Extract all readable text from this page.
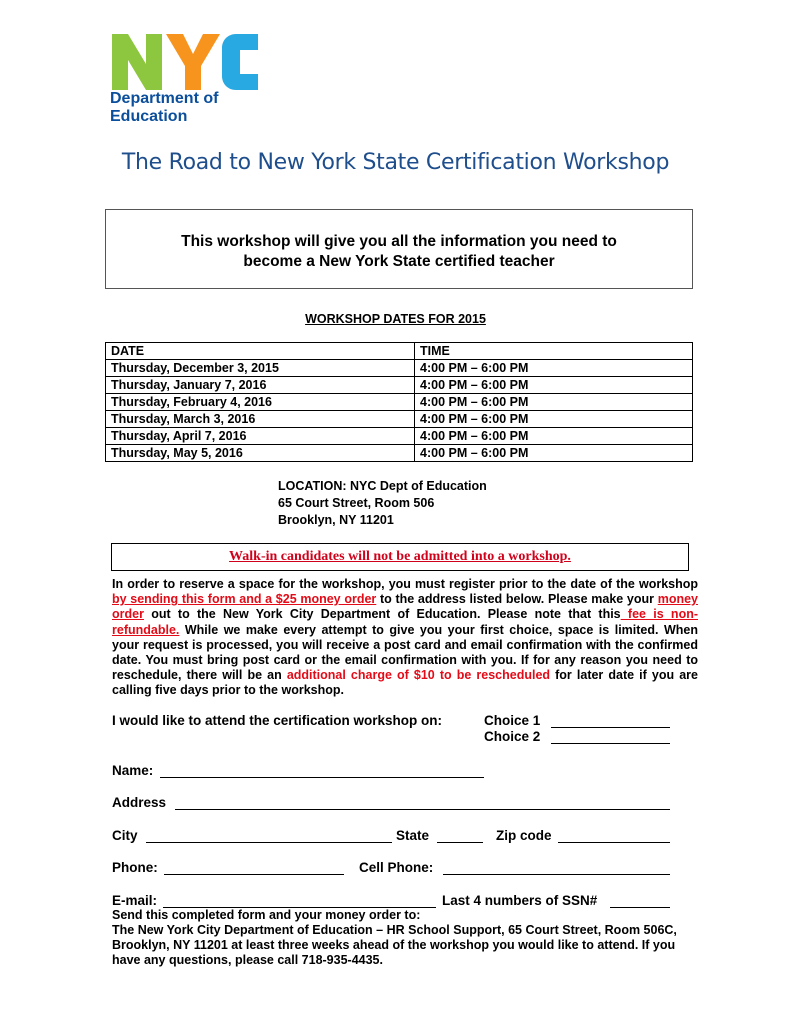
Department of
Education
The Road to New York State Certification Workshop
This workshop will give you all the information you need to
become a New York State certified teacher
WORKSHOP DATES FOR 2015
DATE	TIME
Thursday, December 3, 2015	4:00 PM – 6:00 PM
Thursday, January 7, 2016	4:00 PM – 6:00 PM
Thursday, February 4, 2016	4:00 PM – 6:00 PM
Thursday, March 3, 2016	4:00 PM – 6:00 PM
Thursday, April 7, 2016	4:00 PM – 6:00 PM
Thursday, May 5, 2016	4:00 PM – 6:00 PM
LOCATION: NYC Dept of Education
65 Court Street, Room 506
Brooklyn, NY 11201
Walk-in candidates will not be admitted into a workshop.
In order to reserve a space for the workshop, you must register prior to the date of the workshop by sending this form and a $25 money order to the address listed below. Please make your money order out to the New York City Department of Education. Please note that this fee is non-refundable. While we make every attempt to give you your first choice, space is limited. When your request is processed, you will receive a post card and email confirmation with the confirmed date. You must bring post card or the email confirmation with you. If for any reason you need to reschedule, there will be an additional charge of $10 to be rescheduled for later date if you are calling five days prior to the workshop.
I would like to attend the certification workshop on:	Choice 1
Choice 2
Name:
Address
City	State	Zip code
Phone:	Cell Phone:
E-mail:	Last 4 numbers of SSN#
Send this completed form and your money order to:
The New York City Department of Education – HR School Support, 65 Court Street, Room 506C, Brooklyn, NY 11201 at least three weeks ahead of the workshop you would like to attend. If you have any questions, please call 718-935-4435.
